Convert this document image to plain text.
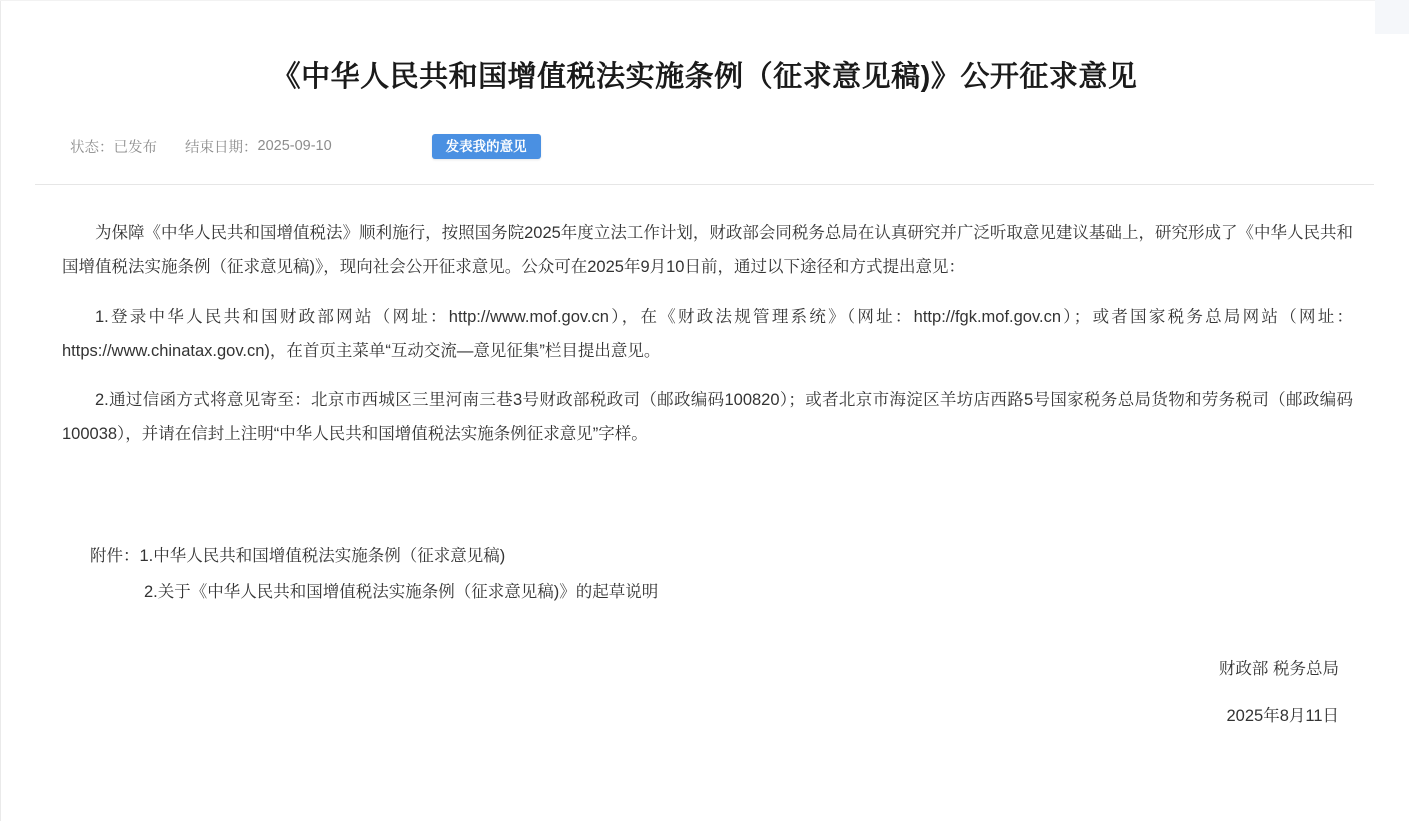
《中华人民共和国增值税法实施条例（征求意见稿)》公开征求意见
状态： 已发布 结束日期： 2025-09-10	发表我的意见

为保障《中华人民共和国增值税法》顺利施行，按照国务院2025年度立法工作计划，财政部会同税务总局在认真研究并广泛听取意见建议基础上，研究形成了《中华人民共和国增值税法实施条例（征求意见稿)》，现向社会公开征求意见。公众可在2025年9月10日前，通过以下途径和方式提出意见：

1.登录中华人民共和国财政部网站（网址：http://www.mof.gov.cn），在《财政法规管理系统》（网址：http://fgk.mof.gov.cn）；或者国家税务总局网站（网址：https://www.chinatax.gov.cn)，在首页主菜单“互动交流—意见征集”栏目提出意见。

2.通过信函方式将意见寄至：北京市西城区三里河南三巷3号财政部税政司（邮政编码100820）；或者北京市海淀区羊坊店西路5号国家税务总局货物和劳务税司（邮政编码100038），并请在信封上注明“中华人民共和国增值税法实施条例征求意见”字样。

附件：1.中华人民共和国增值税法实施条例（征求意见稿)
2.关于《中华人民共和国增值税法实施条例（征求意见稿)》的起草说明
财政部 税务总局
2025年8月11日
